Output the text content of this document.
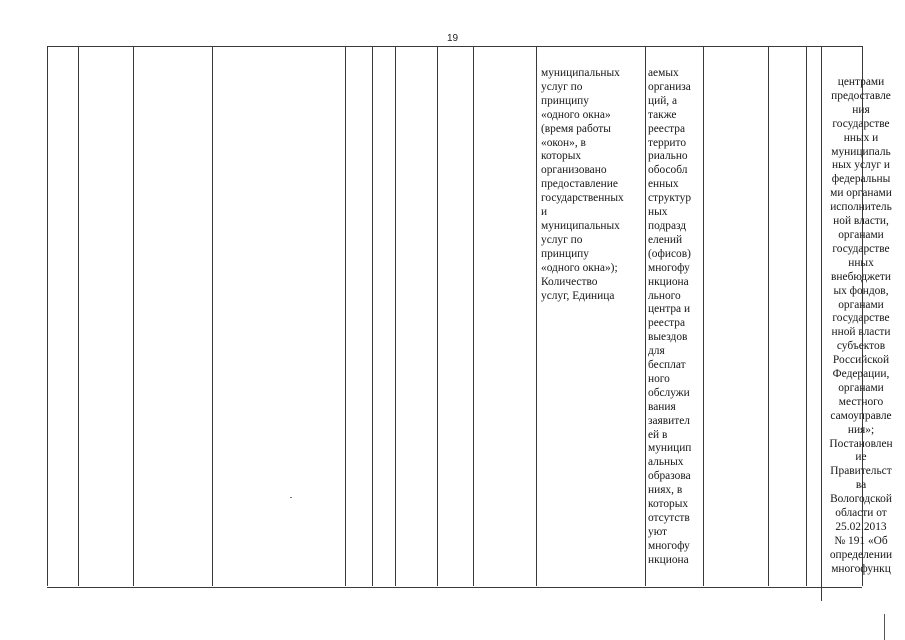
19
муниципальных
услуг по
принципу
«одного окна»
(время работы
«окон», в
которых
организовано
предоставление
государственных
и
муниципальных
услуг по
принципу
«одного окна»);
Количество
услуг, Единица
аемых
организа
ций, а
также
реестра
террито
риально
обособл
енных
структур
ных
подразд
елений
(офисов)
многофу
нкциона
льного
центра и
реестра
выездов
для
бесплат
ного
обслужи
вания
заявител
ей в
муницип
альных
образова
ниях, в
которых
отсутств
уют
многофу
нкциона
центрами
предоставле
ния
государстве
нных и
муниципаль
ных услуг и
федеральны
ми органами
исполнитель
ной власти,
органами
государстве
нных
внебюджети
ых фондов,
органами
государстве
нной власти
субъектов
Российской
Федерации,
органами
местного
самоуправле
ния»;
Постановлен
ие
Правительст
ва
Вологодской
области от
25.02.2013
№ 191 «Об
определении
многофункц
